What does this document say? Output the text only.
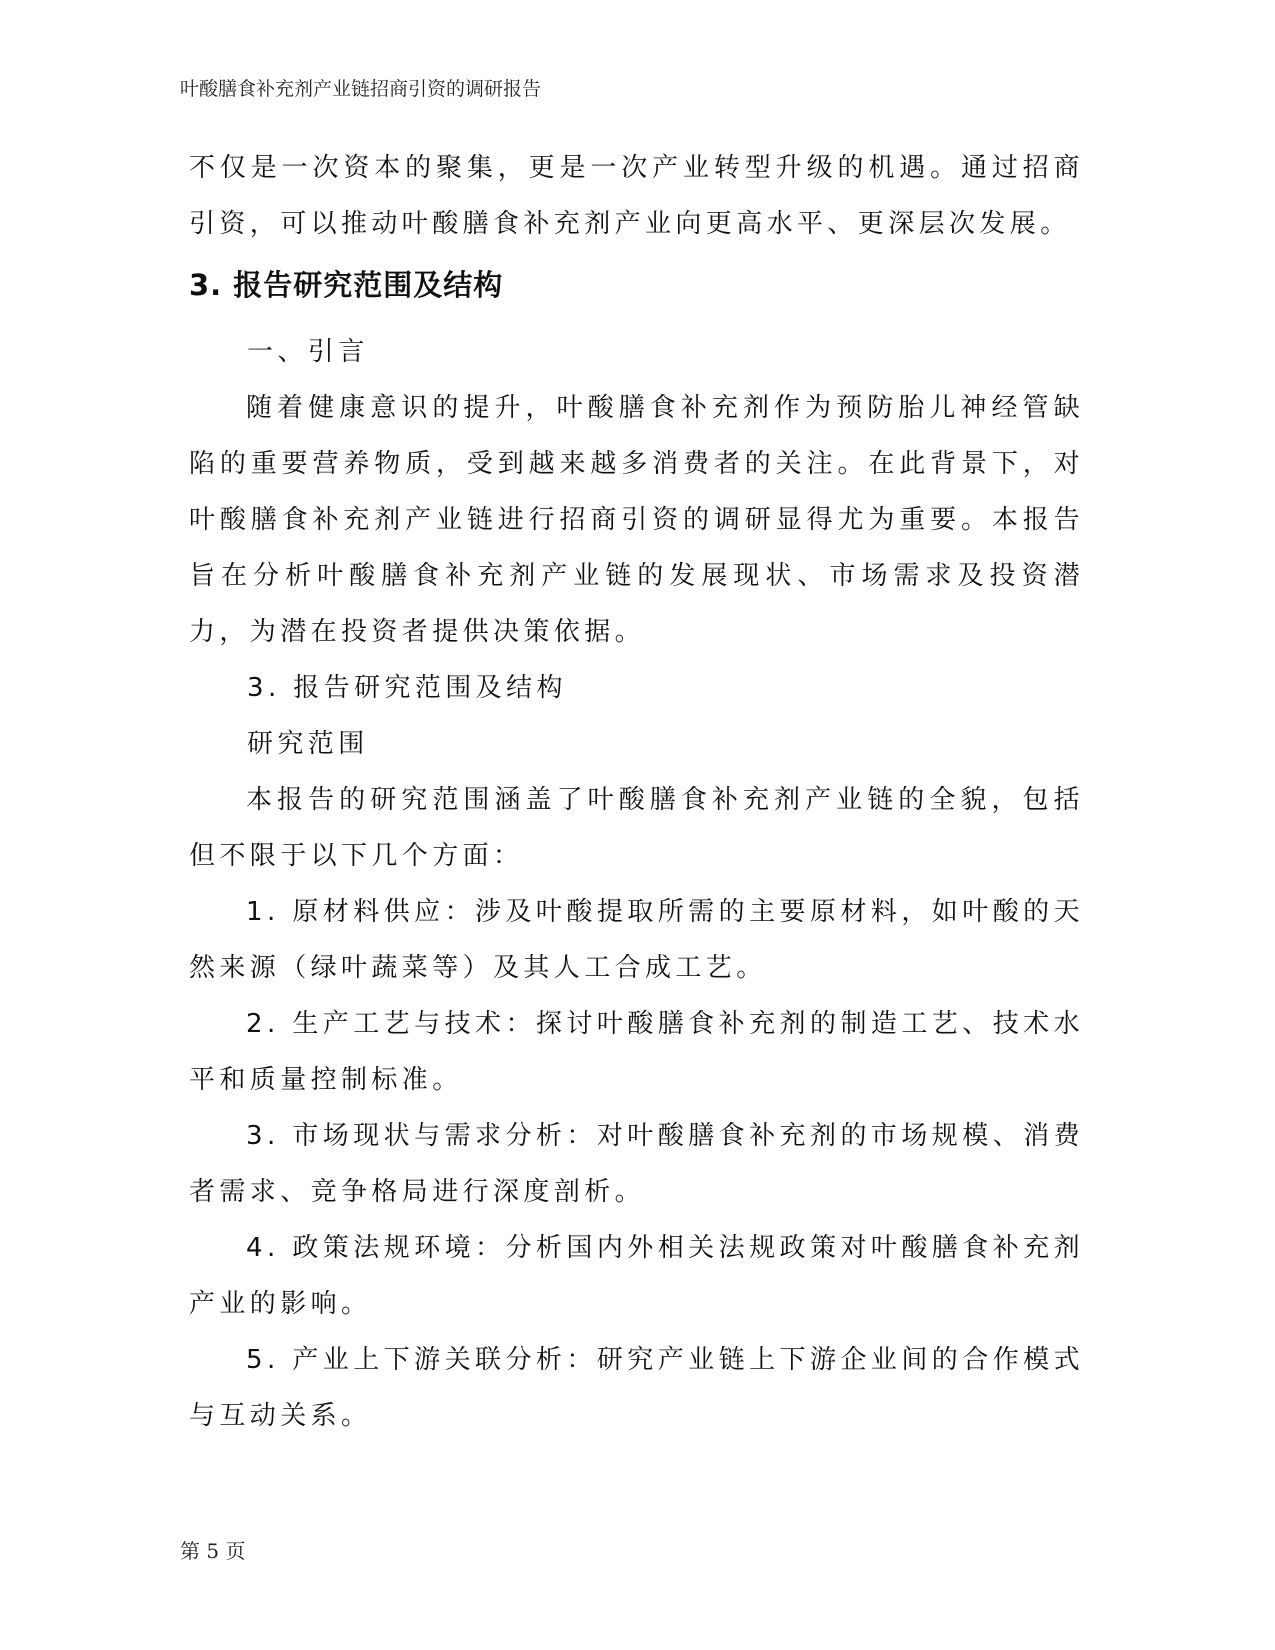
叶酸膳食补充剂产业链招商引资的调研报告

不仅是一次资本的聚集，更是一次产业转型升级的机遇。通过招商引资，可以推动叶酸膳食补充剂产业向更高水平、更深层次发展。

3. 报告研究范围及结构

一、引言

随着健康意识的提升，叶酸膳食补充剂作为预防胎儿神经管缺陷的重要营养物质，受到越来越多消费者的关注。在此背景下，对叶酸膳食补充剂产业链进行招商引资的调研显得尤为重要。本报告旨在分析叶酸膳食补充剂产业链的发展现状、市场需求及投资潜力，为潜在投资者提供决策依据。

3. 报告研究范围及结构

研究范围

本报告的研究范围涵盖了叶酸膳食补充剂产业链的全貌，包括但不限于以下几个方面：

1. 原材料供应：涉及叶酸提取所需的主要原材料，如叶酸的天然来源（绿叶蔬菜等）及其人工合成工艺。

2. 生产工艺与技术：探讨叶酸膳食补充剂的制造工艺、技术水平和质量控制标准。

3. 市场现状与需求分析：对叶酸膳食补充剂的市场规模、消费者需求、竞争格局进行深度剖析。

4. 政策法规环境：分析国内外相关法规政策对叶酸膳食补充剂产业的影响。

5. 产业上下游关联分析：研究产业链上下游企业间的合作模式与互动关系。

第 5 页
